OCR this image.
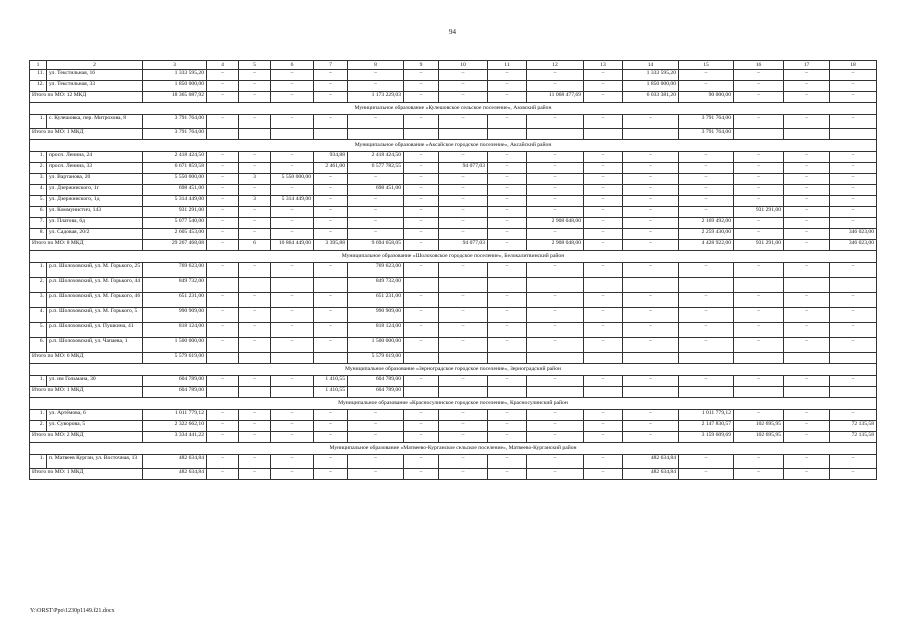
94
1	2	3	4	5	6	7	8	9	10	11	12	13	14	15	16	17	18
11.	ул. Текстильная, 16	1 333 595,20	–	–	–	–	–	–	–	–	–	–	1 333 595,20	–	–	–	–
12.	ул. Текстильная, 33	1 850 000,00	–	–	–	–	–	–	–	–	–	–	1 850 000,00	–	–	–	–
Итого по МО: 12 МКД		18 365 087,92	–	–	–	–	1 173 229,03	–	–	–	11 068 477,69	–	6 033 381,20	90 000,00	–	–	–
Муниципальное образование «Кулешовское сельское поселение», Азовский район																	
1.	с. Кулешовка, пер. Митрохова, 8	3 791 764,00	–	–	–	–	–	–	–	–	–	–	–	3 791 764,00	–	–	–
Итого по МО: 1 МКД		3 791 764,00												3 791 764,00			
Муниципальное образование «Аксайское городское поселение», Аксайский район																	
1.	просп. Ленина, 24	2 418 424,50	–	–	–	934,88	2 418 424,50	–	–	–	–	–	–	–	–	–	–
2.	просп. Ленина, 33	6 671 859,58	–	–	–	2 461,00	6 577 782,55	–	94 077,03	–	–	–	–	–	–	–	–
3.	ул. Вартанова, 20	5 550 000,00	–	3	5 550 000,00	–	–	–	–	–	–	–	–	–	–	–	–
4.	ул. Дзержинского, 1г	698 451,00	–	–	–	–	698 451,00	–	–	–	–	–	–	–	–	–	–
5.	ул. Дзержинского, 1д	5 314 449,00	–	3	5 314 449,00	–	–	–	–	–	–	–	–	–	–	–	–
6.	ул. Коммунистич, 143	931 291,00	–	–	–	–	–	–	–	–	–	–	–	–	931 291,00	–	–
7.	ул. Платова, 6д	5 077 540,00	–	–	–	–	–	–	–	–	2 908 048,00	–	–	2 169 492,00	–	–	–
8.	ул. Садовая, 20/2	2 605 453,00	–	–	–	–	–	–	–	–	–	–	–	2 259 430,00	–	–	346 023,00
Итого по МО: 8 МКД		29 267 468,08	–	6	10 864 449,00	3 395,88	9 694 658,05	–	94 077,03	–	2 908 048,00	–	–	4 428 922,00	931 291,00	–	346 023,00
Муниципальное образование «Шолоховское городское поселение», Белокалитвинский район																	
1.	р.п. Шолоховский, ул. М. Горького, 25	769 623,00	–	–	–	–	769 623,00	–	–	–	–	–	–	–	–	–	–
2.	р.п. Шолоховский, ул. М. Горького, 44	849 732,00					849 732,00										
3.	р.п. Шолоховский, ул. М. Горького, 46	651 231,00	–	–	–	–	651 231,00	–	–	–	–	–	–	–	–	–	–
4.	р.п. Шолоховский, ул. М. Горького, 5	990 909,00	–	–	–	–	990 909,00	–	–	–	–	–	–	–	–	–	–
5.	р.п. Шолоховский, ул. Пушкина, 41	818 124,00	–	–	–	–	818 124,00	–	–	–	–	–	–	–	–	–	–
6.	р.п. Шолоховский, ул. Чапаева, 1	1 500 000,00	–	–	–	–	1 500 000,00	–	–	–	–	–	–	–	–	–	–
Итого по МО: 6 МКД		5 579 619,00					5 579 619,00										
Муниципальное образование «Зерноградское городское поселение», Зерноградский район																	
1.	ул. им Гольмана, 30	604 789,00	–	–	–	1 410,55	604 789,00	–	–	–	–	–	–	–	–	–	–
Итого по МО: 1 МКД		604 789,00				1 410,55	604 789,00										
Муниципальное образование «Красносулинское городское поселение», Красносулинский район																	
1.	ул. Артёмова, 6	1 011 779,12	–	–	–	–	–	–	–	–	–	–	–	1 011 779,12	–	–	–
2.	ул. Суворова, 5	2 322 662,10	–	–	–	–	–	–	–	–	–	–	–	2 147 830,57	102 695,95	–	72 135,58
Итого по МО: 2 МКД		3 334 441,22	–	–	–	–	–	–	–	–	–	–	–	3 159 609,69	102 695,95	–	72 135,58
Муниципальное образование «Матвеево-Курганское сельское поселение», Матвеево-Курганский район																	
1.	п. Матвеев Курган, ул. Восточная, 13	482 634,84	–	–	–	–	–	–	–	–	–	–	482 634,84	–	–	–	–
Итого по МО: 1 МКД		482 634,84	–	–	–	–	–	–	–	–	–	–	482 634,84	–	–	–	–
Y:\ORST\Ppo\1230p1149.f21.docx
